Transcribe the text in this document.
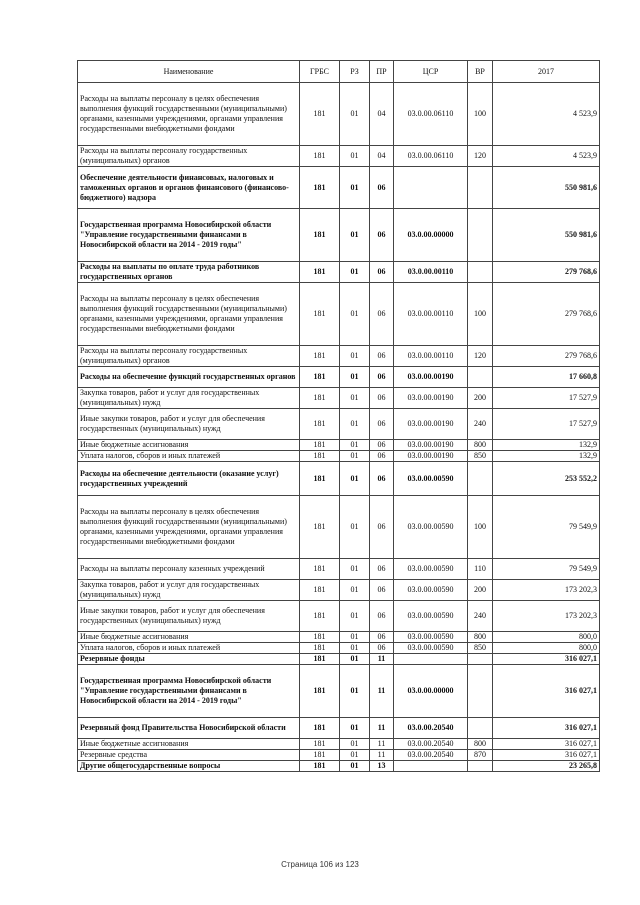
Наименование	ГРБС	РЗ	ПР	ЦСР	ВР	2017
Расходы на выплаты персоналу в целях обеспечения выполнения функций государственными (муниципальными) органами, казенными учреждениями, органами управления государственными внебюджетными фондами	181	01	04	03.0.00.06110	100	4 523,9
Расходы на выплаты персоналу государственных (муниципальных) органов	181	01	04	03.0.00.06110	120	4 523,9
Обеспечение деятельности финансовых, налоговых и таможенных органов и органов финансового (финансово-бюджетного) надзора	181	01	06			550 981,6
Государственная программа Новосибирской области "Управление государственными финансами в Новосибирской области на 2014 - 2019 годы"	181	01	06	03.0.00.00000		550 981,6
Расходы на выплаты по оплате труда работников государственных органов	181	01	06	03.0.00.00110		279 768,6
Расходы на выплаты персоналу в целях обеспечения выполнения функций государственными (муниципальными) органами, казенными учреждениями, органами управления государственными внебюджетными фондами	181	01	06	03.0.00.00110	100	279 768,6
Расходы на выплаты персоналу государственных (муниципальных) органов	181	01	06	03.0.00.00110	120	279 768,6
Расходы на обеспечение функций государственных органов	181	01	06	03.0.00.00190		17 660,8
Закупка товаров, работ и услуг для государственных (муниципальных) нужд	181	01	06	03.0.00.00190	200	17 527,9
Иные закупки товаров, работ и услуг для обеспечения государственных (муниципальных) нужд	181	01	06	03.0.00.00190	240	17 527,9
Иные бюджетные ассигнования	181	01	06	03.0.00.00190	800	132,9
Уплата налогов, сборов и иных платежей	181	01	06	03.0.00.00190	850	132,9
Расходы на обеспечение деятельности (оказание услуг) государственных учреждений	181	01	06	03.0.00.00590		253 552,2
Расходы на выплаты персоналу в целях обеспечения выполнения функций государственными (муниципальными) органами, казенными учреждениями, органами управления государственными внебюджетными фондами	181	01	06	03.0.00.00590	100	79 549,9
Расходы на выплаты персоналу казенных учреждений	181	01	06	03.0.00.00590	110	79 549,9
Закупка товаров, работ и услуг для государственных (муниципальных) нужд	181	01	06	03.0.00.00590	200	173 202,3
Иные закупки товаров, работ и услуг для обеспечения государственных (муниципальных) нужд	181	01	06	03.0.00.00590	240	173 202,3
Иные бюджетные ассигнования	181	01	06	03.0.00.00590	800	800,0
Уплата налогов, сборов и иных платежей	181	01	06	03.0.00.00590	850	800,0
Резервные фонды	181	01	11			316 027,1
Государственная программа Новосибирской области "Управление государственными финансами в Новосибирской области на 2014 - 2019 годы"	181	01	11	03.0.00.00000		316 027,1
Резервный фонд Правительства Новосибирской области	181	01	11	03.0.00.20540		316 027,1
Иные бюджетные ассигнования	181	01	11	03.0.00.20540	800	316 027,1
Резервные средства	181	01	11	03.0.00.20540	870	316 027,1
Другие общегосударственные вопросы	181	01	13			23 265,8
Страница 106 из 123
